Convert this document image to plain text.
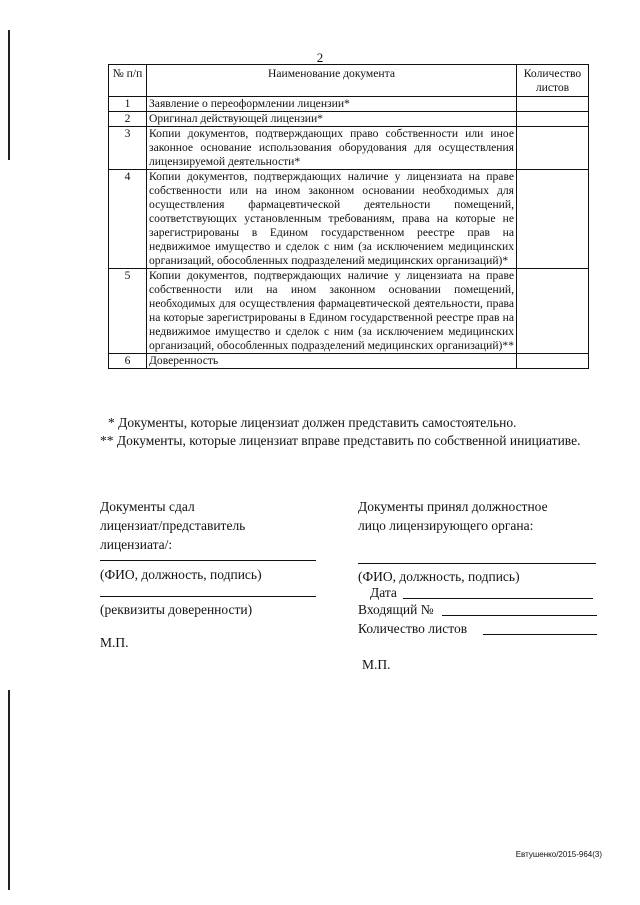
2
№ п/п	Наименование документа	Количество листов
1	Заявление о переоформлении лицензии*	
2	Оригинал действующей лицензии*	
3	Копии документов, подтверждающих право собственности или иное законное основание использования оборудования для осуществления лицензируемой деятельности*	
4	Копии документов, подтверждающих наличие у лицензиата на праве собственности или на ином законном основании необходимых для осуществления фармацевтической деятельности помещений, соответствующих установленным требованиям, права на которые не зарегистрированы в Едином государственном реестре прав на недвижимое имущество и сделок с ним (за исключением медицинских организаций, обособленных подразделений медицинских организаций)*	
5	Копии документов, подтверждающих наличие у лицензиата на праве собственности или на ином законном основании помещений, необходимых для осуществления фармацевтической деятельности, права на которые зарегистрированы в Едином государственной реестре прав на недвижимое имущество и сделок с ним (за исключением медицинских организаций, обособленных подразделений медицинских организаций)**	
6	Доверенность	
* Документы, которые лицензиат должен представить самостоятельно.
** Документы, которые лицензиат вправе представить по собственной инициативе.
Документы сдал
лицензиат/представитель
лицензиата/:
(ФИО, должность, подпись)
(реквизиты доверенности)
М.П.
Документы принял должностное
лицо лицензирующего органа:
(ФИО, должность, подпись)
Дата
Входящий №
Количество листов
М.П.
Евтушенко/2015-964(3)
